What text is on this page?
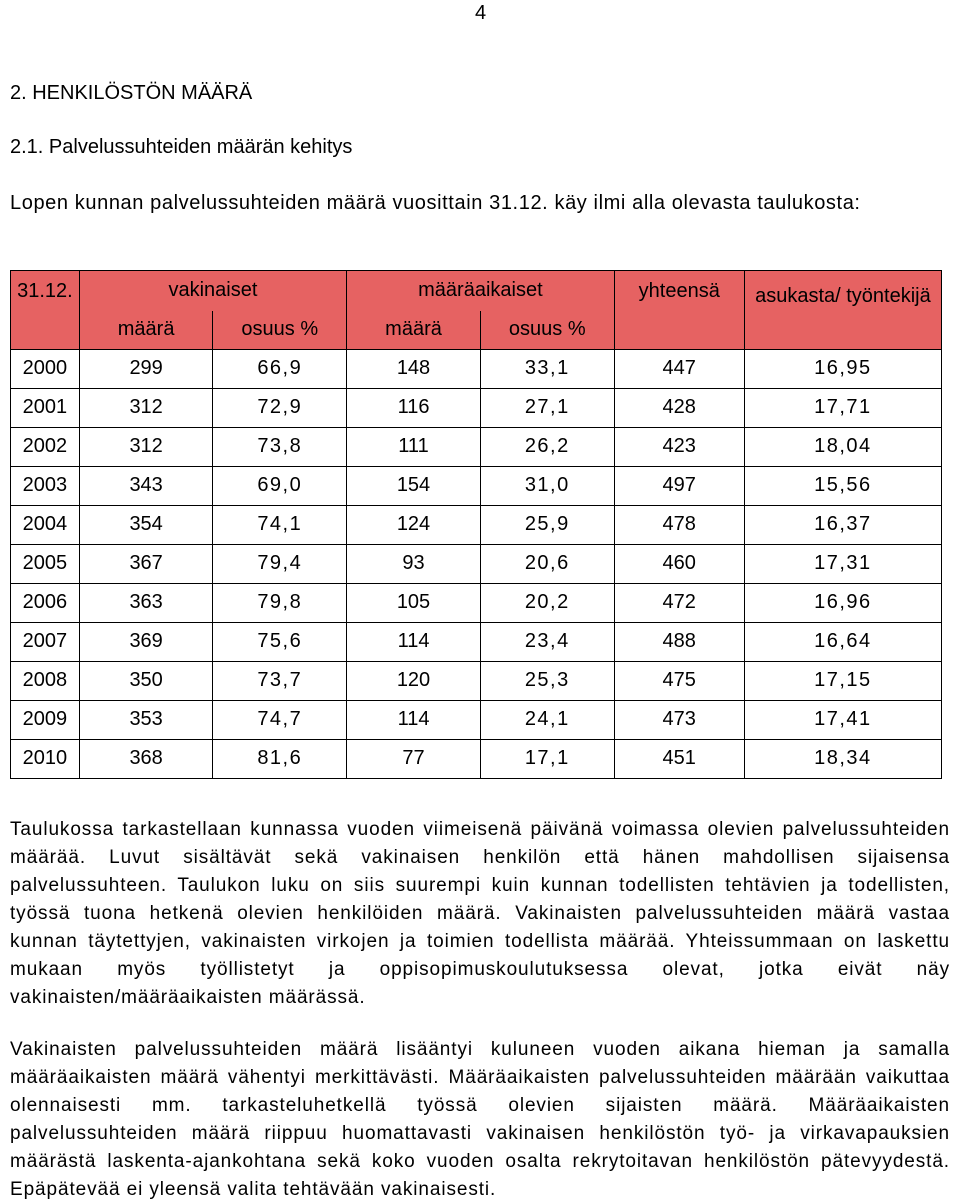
4
2. HENKILÖSTÖN MÄÄRÄ
2.1. Palvelussuhteiden määrän kehitys
Lopen kunnan palvelussuhteiden määrä vuosittain 31.12. käy ilmi alla olevasta taulukosta:
31.12.	vakinaiset		määräaikaiset		yhteensä	asukasta/ työntekijä
	määrä	osuus %	määrä	osuus %		
2000	299	66,9	148	33,1	447	16,95
2001	312	72,9	116	27,1	428	17,71
2002	312	73,8	111	26,2	423	18,04
2003	343	69,0	154	31,0	497	15,56
2004	354	74,1	124	25,9	478	16,37
2005	367	79,4	93	20,6	460	17,31
2006	363	79,8	105	20,2	472	16,96
2007	369	75,6	114	23,4	488	16,64
2008	350	73,7	120	25,3	475	17,15
2009	353	74,7	114	24,1	473	17,41
2010	368	81,6	77	17,1	451	18,34
Taulukossa tarkastellaan kunnassa vuoden viimeisenä päivänä voimassa olevien palvelussuhteiden määrää. Luvut sisältävät sekä vakinaisen henkilön että hänen mahdollisen sijaisensa palvelussuhteen. Taulukon luku on siis suurempi kuin kunnan todellisten tehtävien ja todellisten, työssä tuona hetkenä olevien henkilöiden määrä. Vakinaisten palvelussuhteiden määrä vastaa kunnan täytettyjen, vakinaisten virkojen ja toimien todellista määrää. Yhteissummaan on laskettu mukaan myös työllistetyt ja oppisopimuskoulutuksessa olevat, jotka eivät näy vakinaisten/määräaikaisten määrässä.
Vakinaisten palvelussuhteiden määrä lisääntyi kuluneen vuoden aikana hieman ja samalla määräaikaisten määrä vähentyi merkittävästi. Määräaikaisten palvelussuhteiden määrään vaikuttaa olennaisesti mm. tarkasteluhetkellä työssä olevien sijaisten määrä. Määräaikaisten palvelussuhteiden määrä riippuu huomattavasti vakinaisen henkilöstön työ- ja virkavapauksien määrästä laskenta-ajankohtana sekä koko vuoden osalta rekrytoitavan henkilöstön pätevyydestä. Epäpätevää ei yleensä valita tehtävään vakinaisesti.
